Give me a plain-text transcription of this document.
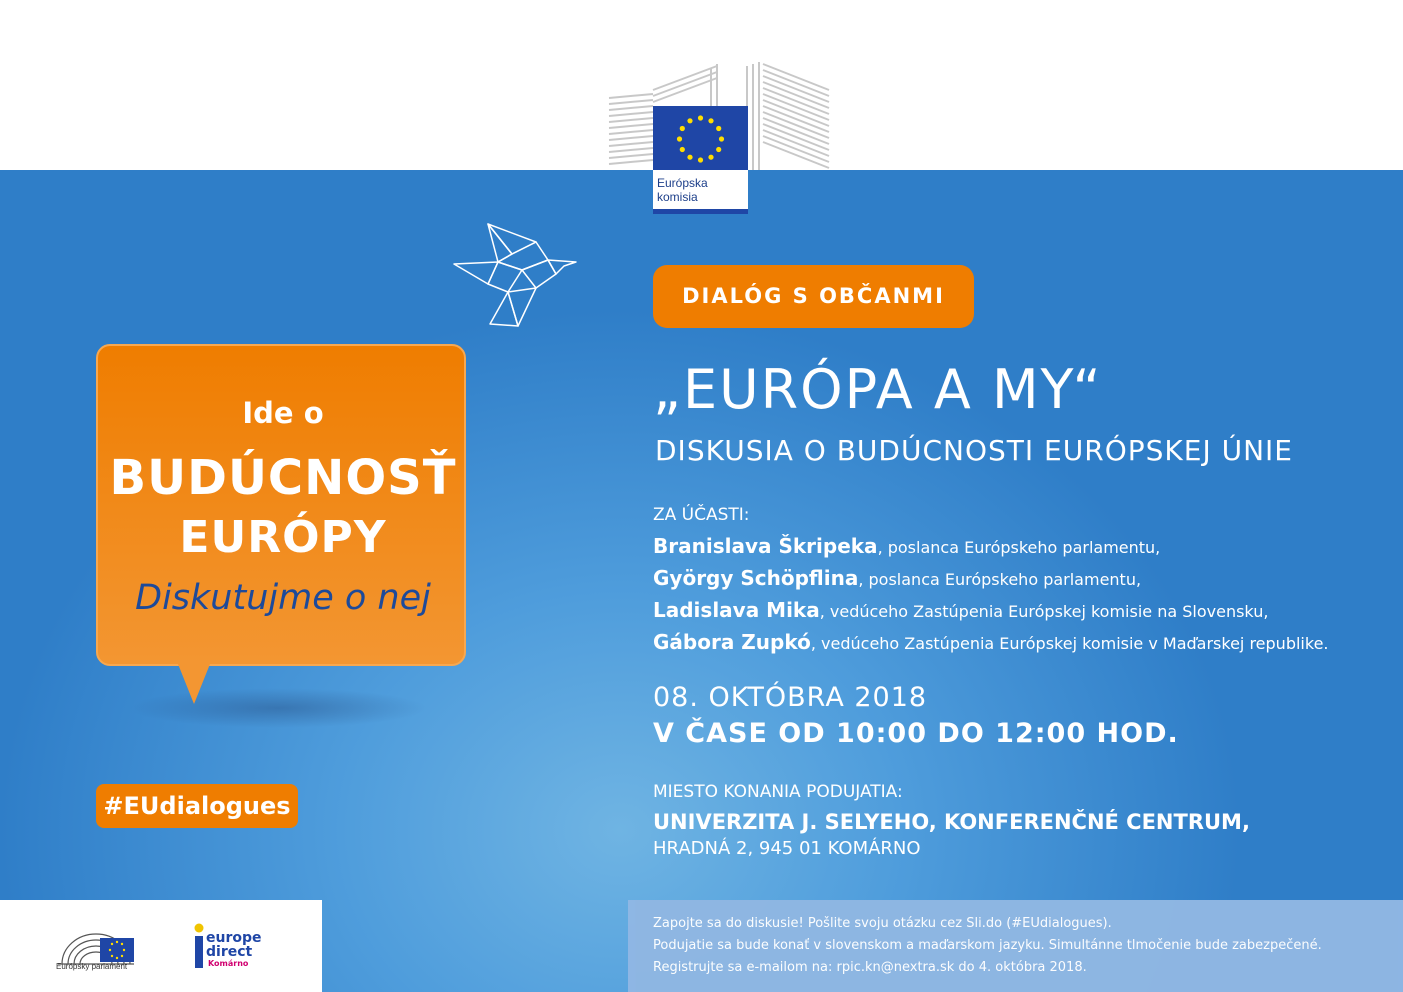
Európska
komisia
Ide o
BUDÚCNOSŤ
EURÓPY
Diskutujme o nej
#EUdialogues
DIALÓG S OBČANMI
„EURÓPA A MY“
DISKUSIA O BUDÚCNOSTI EURÓPSKEJ ÚNIE
ZA ÚČASTI:
Branislava Škripeka, poslanca Európskeho parlamentu,
György Schöpflina, poslanca Európskeho parlamentu,
Ladislava Mika, vedúceho Zastúpenia Európskej komisie na Slovensku,
Gábora Zupkó, vedúceho Zastúpenia Európskej komisie v Maďarskej republike.
08. OKTÓBRA 2018
V ČASE OD 10:00 DO 12:00 HOD.
MIESTO KONANIA PODUJATIA:
UNIVERZITA J. SELYEHO, KONFERENČNÉ CENTRUM,
HRADNÁ 2, 945 01 KOMÁRNO
Európsky parlament
europe
direct
Komárno
Zapojte sa do diskusie! Pošlite svoju otázku cez Sli.do (#EUdialogues).
Podujatie sa bude konať v slovenskom a maďarskom jazyku. Simultánne tlmočenie bude zabezpečené.
Registrujte sa e-mailom na: rpic.kn@nextra.sk do 4. októbra 2018.
